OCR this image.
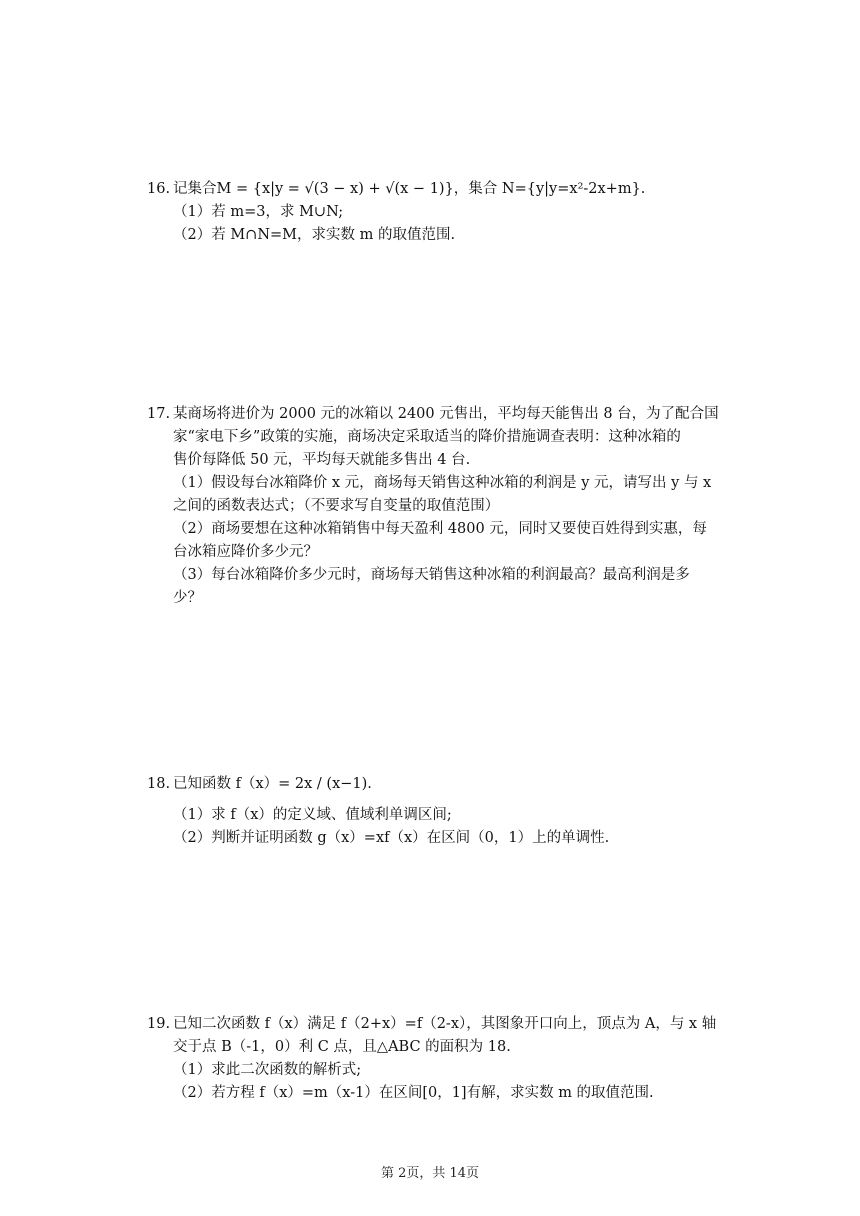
16. 记集合M = {x|y = √(3 − x) + √(x − 1)}，集合 N={y|y=x²-2x+m}.
（1）若 m=3，求 M∪N;
（2）若 M∩N=M，求实数 m 的取值范围.
17. 某商场将进价为 2000 元的冰箱以 2400 元售出，平均每天能售出 8 台，为了配合国
家“家电下乡”政策的实施，商场决定采取适当的降价措施调查表明：这种冰箱的
售价每降低 50 元，平均每天就能多售出 4 台.
（1）假设每台冰箱降价 x 元，商场每天销售这种冰箱的利润是 y 元，请写出 y 与 x
之间的函数表达式；（不要求写自变量的取值范围）
（2）商场要想在这种冰箱销售中每天盈利 4800 元，同时又要使百姓得到实惠，每
台冰箱应降价多少元？
（3）每台冰箱降价多少元时，商场每天销售这种冰箱的利润最高？最高利润是多
少？
18. 已知函数 f（x）= 2x / (x−1).
（1）求 f（x）的定义域、值域利单调区间;
（2）判断并证明函数 g（x）=xf（x）在区间（0，1）上的单调性.
19. 已知二次函数 f（x）满足 f（2+x）=f（2-x），其图象开口向上，顶点为 A，与 x 轴
交于点 B（-1，0）利 C 点，且△ABC 的面积为 18.
（1）求此二次函数的解析式;
（2）若方程 f（x）=m（x-1）在区间[0，1]有解，求实数 m 的取值范围.
第 2页，共 14页
